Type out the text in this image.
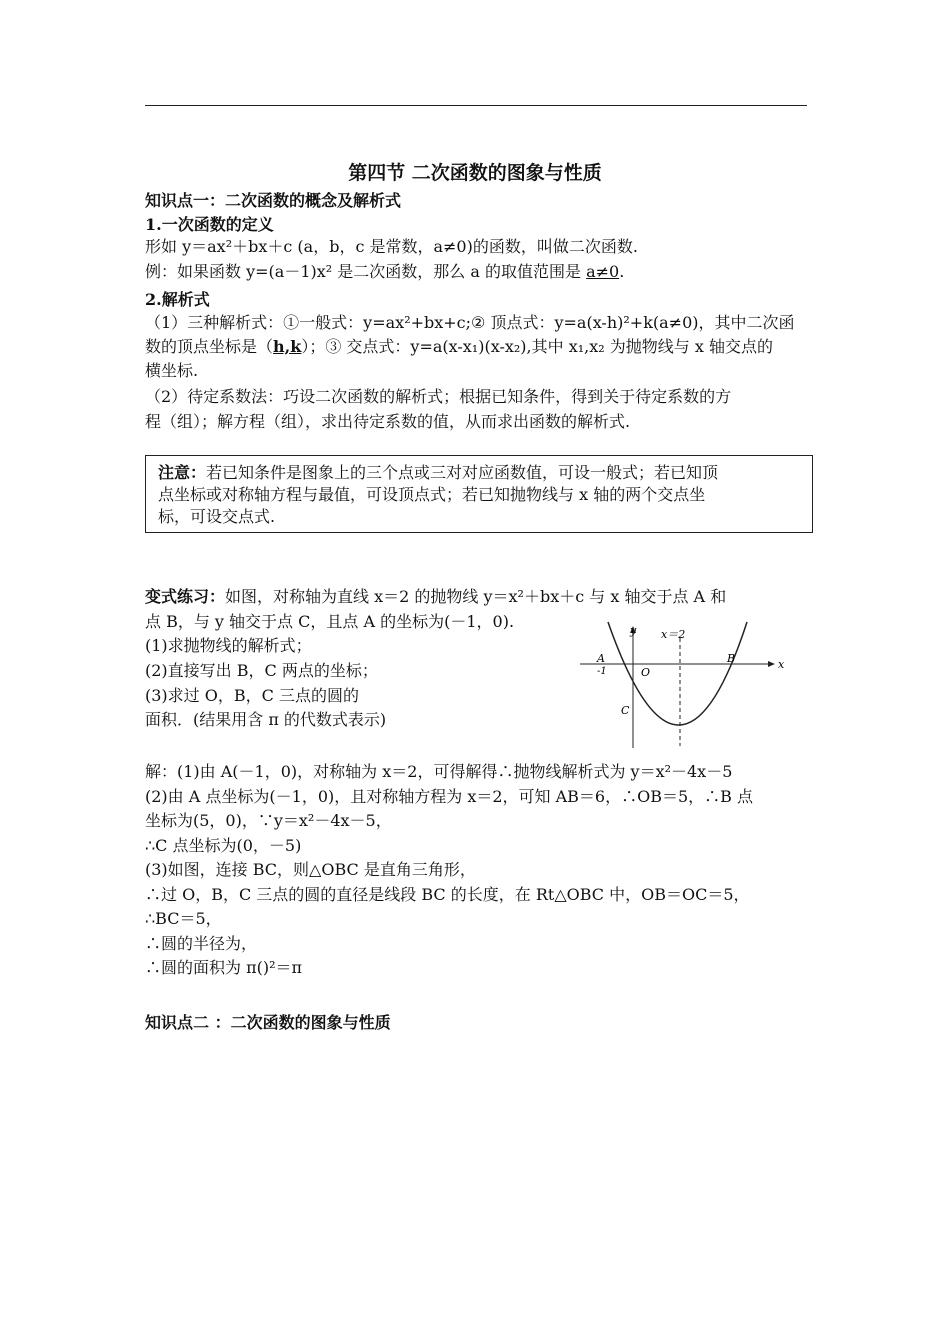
第四节 二次函数的图象与性质
知识点一：二次函数的概念及解析式
1.一次函数的定义
形如 y＝ax²＋bx＋c (a，b，c 是常数，a≠0)的函数，叫做二次函数.
例：如果函数 y=(a－1)x² 是二次函数，那么 a 的取值范围是 a≠0.
2.解析式
（1）三种解析式：①一般式：y=ax²+bx+c;② 顶点式：y=a(x-h)²+k(a≠0)，其中二次函
数的顶点坐标是（h,k）；③ 交点式：y=a(x-x₁)(x-x₂),其中 x₁,x₂ 为抛物线与 x 轴交点的
横坐标.
（2）待定系数法：巧设二次函数的解析式；根据已知条件，得到关于待定系数的方
程（组）；解方程（组），求出待定系数的值，从而求出函数的解析式.
注意：若已知条件是图象上的三个点或三对对应函数值，可设一般式；若已知顶
点坐标或对称轴方程与最值，可设顶点式；若已知抛物线与 x 轴的两个交点坐
标，可设交点式.
变式练习：如图，对称轴为直线 x＝2 的抛物线 y＝x²＋bx＋c 与 x 轴交于点 A 和
点 B，与 y 轴交于点 C，且点 A 的坐标为(－1，0).
(1)求抛物线的解析式；
(2)直接写出 B，C 两点的坐标；
(3)求过 O，B，C 三点的圆的
面积．(结果用含 π 的代数式表示)
y
x
x＝2
A
-1
B
O
C
解：(1)由 A(－1，0)，对称轴为 x＝2，可得解得∴抛物线解析式为 y＝x²－4x－5
(2)由 A 点坐标为(－1，0)，且对称轴方程为 x＝2，可知 AB＝6，∴OB＝5，∴B 点
坐标为(5，0)，∵y＝x²－4x－5，
∴C 点坐标为(0，－5)
(3)如图，连接 BC，则△OBC 是直角三角形，
∴过 O，B，C 三点的圆的直径是线段 BC 的长度，在 Rt△OBC 中，OB＝OC＝5，
∴BC＝5，
∴圆的半径为，
∴圆的面积为 π()²＝π
知识点二 ：二次函数的图象与性质
